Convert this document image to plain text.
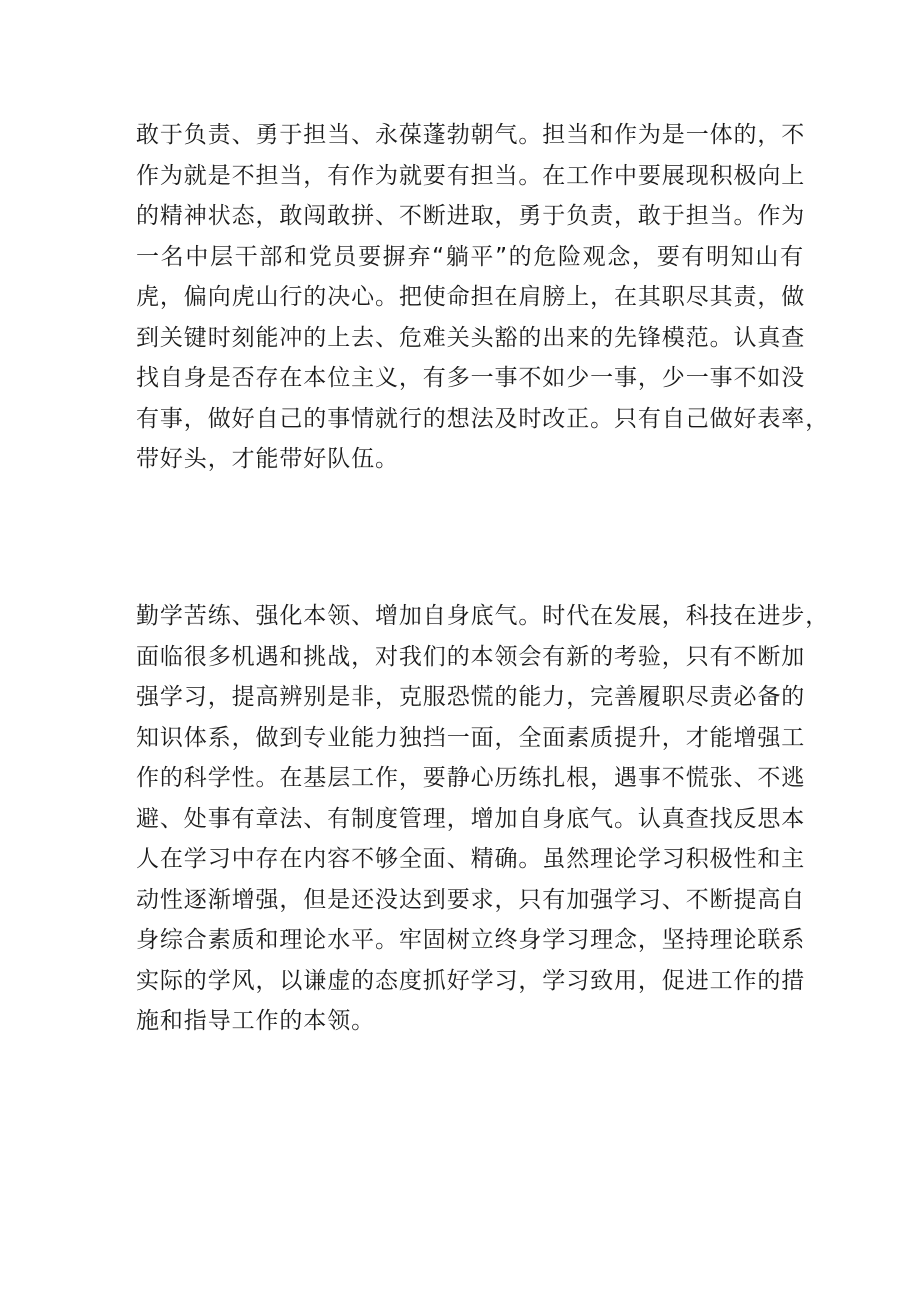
敢于负责、勇于担当、永葆蓬勃朝气。担当和作为是一体的，不
作为就是不担当，有作为就要有担当。在工作中要展现积极向上
的精神状态，敢闯敢拼、不断进取，勇于负责，敢于担当。作为
一名中层干部和党员要摒弃“躺平”的危险观念，要有明知山有
虎，偏向虎山行的决心。把使命担在肩膀上，在其职尽其责，做
到关键时刻能冲的上去、危难关头豁的出来的先锋模范。认真查
找自身是否存在本位主义，有多一事不如少一事，少一事不如没
有事，做好自己的事情就行的想法及时改正。只有自己做好表率，
带好头，才能带好队伍。

勤学苦练、强化本领、增加自身底气。时代在发展，科技在进步，
面临很多机遇和挑战，对我们的本领会有新的考验，只有不断加
强学习，提高辨别是非，克服恐慌的能力，完善履职尽责必备的
知识体系，做到专业能力独挡一面，全面素质提升，才能增强工
作的科学性。在基层工作，要静心历练扎根，遇事不慌张、不逃
避、处事有章法、有制度管理，增加自身底气。认真查找反思本
人在学习中存在内容不够全面、精确。虽然理论学习积极性和主
动性逐渐增强，但是还没达到要求，只有加强学习、不断提高自
身综合素质和理论水平。牢固树立终身学习理念，坚持理论联系
实际的学风，以谦虚的态度抓好学习，学习致用，促进工作的措
施和指导工作的本领。
